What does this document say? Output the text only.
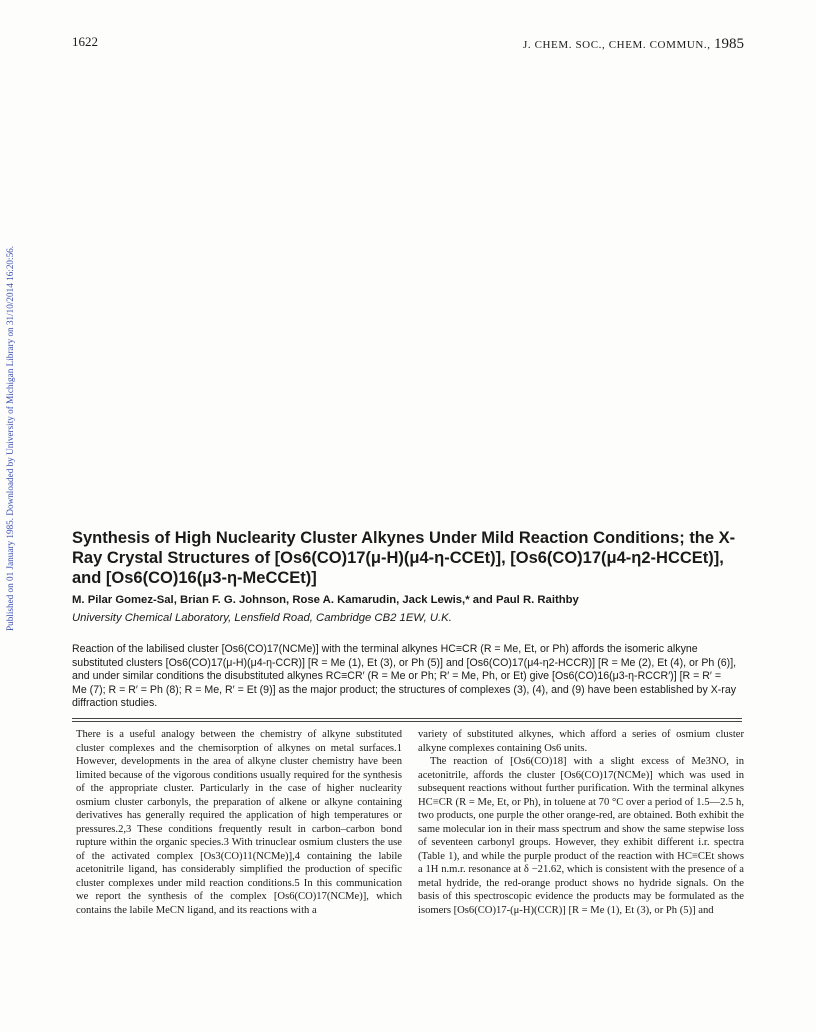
1622	J. CHEM. SOC., CHEM. COMMUN., 1985
Published on 01 January 1985. Downloaded by University of Michigan Library on 31/10/2014 16:20:56.	Synthesis of High Nuclearity Cluster Alkynes Under Mild Reaction Conditions; the X-Ray Crystal Structures of [Os6(CO)17(μ-H)(μ4-η-CCEt)], [Os6(CO)17(μ4-η2-HCCEt)], and [Os6(CO)16(μ3-η-MeCCEt)]
M. Pilar Gomez-Sal, Brian F. G. Johnson, Rose A. Kamarudin, Jack Lewis,* and Paul R. Raithby
University Chemical Laboratory, Lensfield Road, Cambridge CB2 1EW, U.K.
Reaction of the labilised cluster [Os6(CO)17(NCMe)] with the terminal alkynes HC≡CR (R = Me, Et, or Ph) affords the isomeric alkyne substituted clusters [Os6(CO)17(μ-H)(μ4-η-CCR)] [R = Me (1), Et (3), or Ph (5)] and [Os6(CO)17(μ4-η2-HCCR)] [R = Me (2), Et (4), or Ph (6)], and under similar conditions the disubstituted alkynes RC≡CR′ (R = Me or Ph; R′ = Me, Ph, or Et) give [Os6(CO)16(μ3-η-RCCR′)] [R = R′ = Me (7); R = R′ = Ph (8); R = Me, R′ = Et (9)] as the major product; the structures of complexes (3), (4), and (9) have been established by X-ray diffraction studies.

There is a useful analogy between the chemistry of alkyne substituted cluster complexes and the chemisorption of alkynes on metal surfaces.1 However, developments in the area of alkyne cluster chemistry have been limited because of the vigorous conditions usually required for the synthesis of the appropriate cluster. Particularly in the case of higher nuclearity osmium cluster carbonyls, the preparation of alkene or alkyne containing derivatives has generally required the application of high temperatures or pressures.2,3 These conditions frequently result in carbon–carbon bond rupture within the organic species.3 With trinuclear osmium clusters the use of the activated complex [Os3(CO)11(NCMe)],4 containing the labile acetonitrile ligand, has considerably simplified the production of specific cluster complexes under mild reaction conditions.5 In this communication we report the synthesis of the complex [Os6(CO)17(NCMe)], which contains the labile MeCN ligand, and its reactions with a

variety of substituted alkynes, which afford a series of osmium cluster alkyne complexes containing Os6 units.

The reaction of [Os6(CO)18] with a slight excess of Me3NO, in acetonitrile, affords the cluster [Os6(CO)17(NCMe)] which was used in subsequent reactions without further purification. With the terminal alkynes HC≡CR (R = Me, Et, or Ph), in toluene at 70 °C over a period of 1.5—2.5 h, two products, one purple the other orange-red, are obtained. Both exhibit the same molecular ion in their mass spectrum and show the same stepwise loss of seventeen carbonyl groups. However, they exhibit different i.r. spectra (Table 1), and while the purple product of the reaction with HC≡CEt shows a 1H n.m.r. resonance at δ −21.62, which is consistent with the presence of a metal hydride, the red-orange product shows no hydride signals. On the basis of this spectroscopic evidence the products may be formulated as the isomers [Os6(CO)17-(μ-H)(CCR)] [R = Me (1), Et (3), or Ph (5)] and
